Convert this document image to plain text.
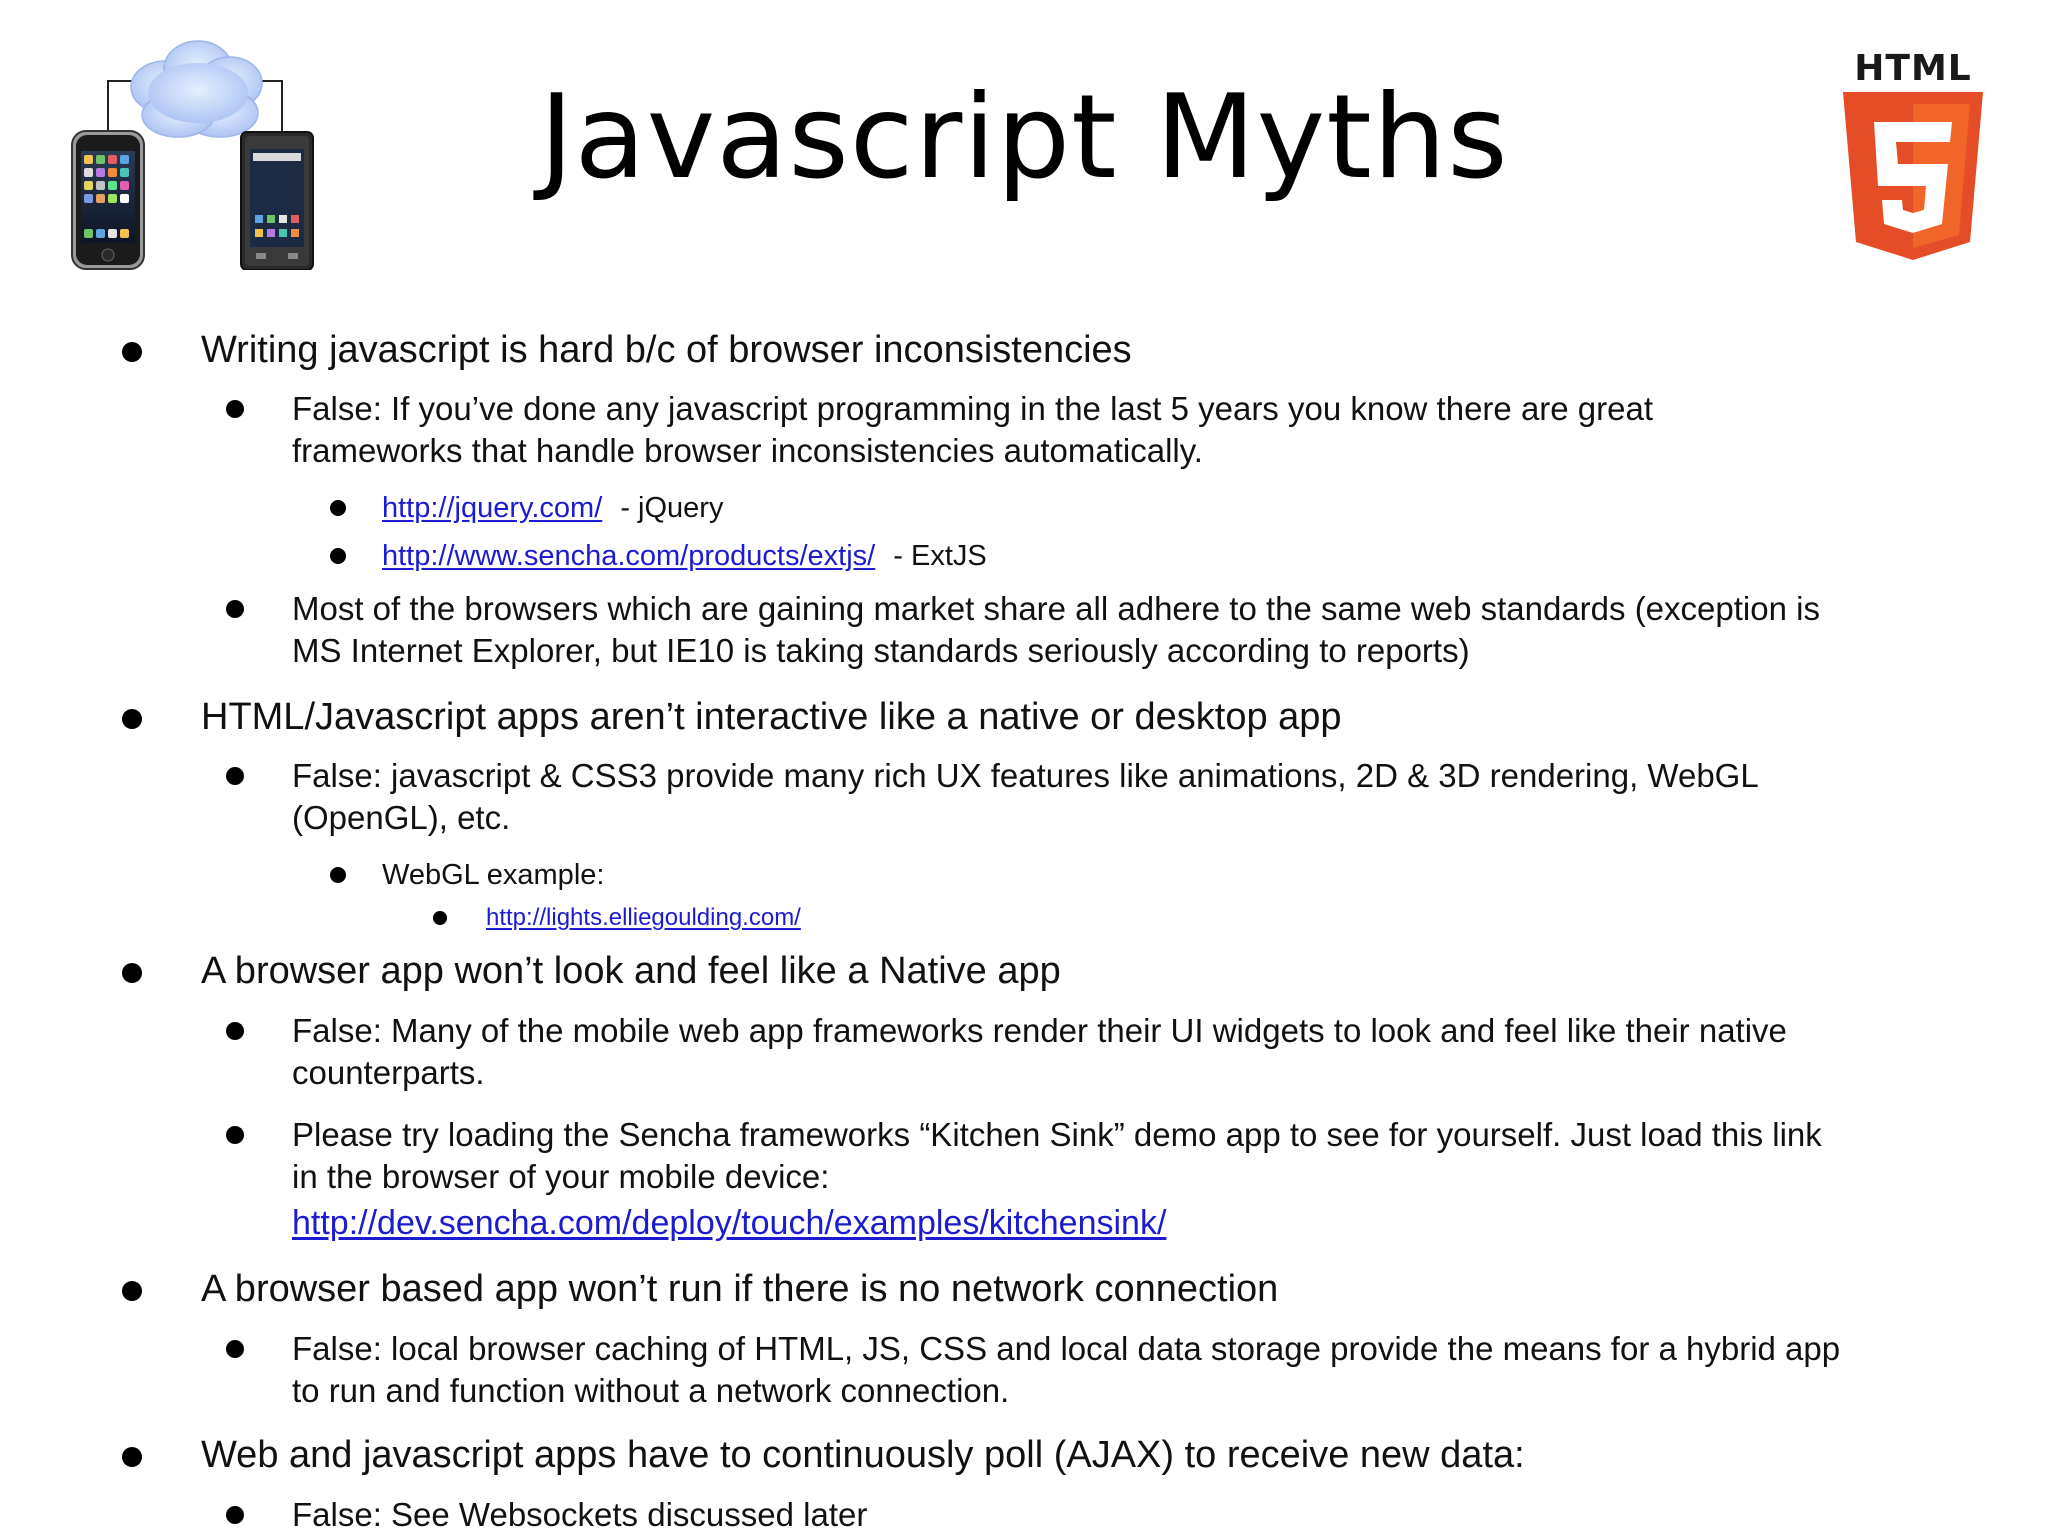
Javascript Myths
HTML
Writing javascript is hard b/c of browser inconsistencies
False: If you’ve done any javascript programming in the last 5 years you know there are great
frameworks that handle browser inconsistencies automatically.
http://jquery.com/ - jQuery
http://www.sencha.com/products/extjs/ - ExtJS
Most of the browsers which are gaining market share all adhere to the same web standards (exception is
MS Internet Explorer, but IE10 is taking standards seriously according to reports)
HTML/Javascript apps aren’t interactive like a native or desktop app
False: javascript & CSS3 provide many rich UX features like animations, 2D & 3D rendering, WebGL
(OpenGL), etc.
WebGL example:
http://lights.elliegoulding.com/
A browser app won’t look and feel like a Native app
False: Many of the mobile web app frameworks render their UI widgets to look and feel like their native
counterparts.
Please try loading the Sencha frameworks “Kitchen Sink” demo app to see for yourself. Just load this link
in the browser of your mobile device:
http://dev.sencha.com/deploy/touch/examples/kitchensink/
A browser based app won’t run if there is no network connection
False: local browser caching of HTML, JS, CSS and local data storage provide the means for a hybrid app
to run and function without a network connection.
Web and javascript apps have to continuously poll (AJAX) to receive new data:
False: See Websockets discussed later
